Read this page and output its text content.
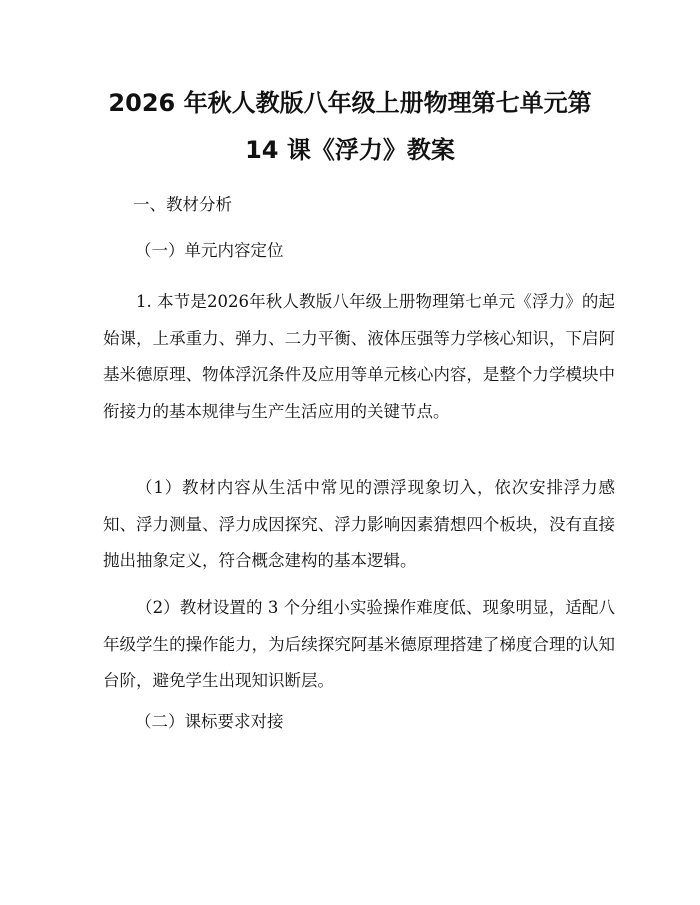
2026 年秋人教版八年级上册物理第七单元第
14 课《浮力》教案
一、教材分析
（一）单元内容定位

1. 本节是2026年秋人教版八年级上册物理第七单元《浮力》的起始课，上承重力、弹力、二力平衡、液体压强等力学核心知识，下启阿基米德原理、物体浮沉条件及应用等单元核心内容，是整个力学模块中衔接力的基本规律与生产生活应用的关键节点。

（1）教材内容从生活中常见的漂浮现象切入，依次安排浮力感知、浮力测量、浮力成因探究、浮力影响因素猜想四个板块，没有直接抛出抽象定义，符合概念建构的基本逻辑。

（2）教材设置的 3 个分组小实验操作难度低、现象明显，适配八年级学生的操作能力，为后续探究阿基米德原理搭建了梯度合理的认知台阶，避免学生出现知识断层。

（二）课标要求对接
